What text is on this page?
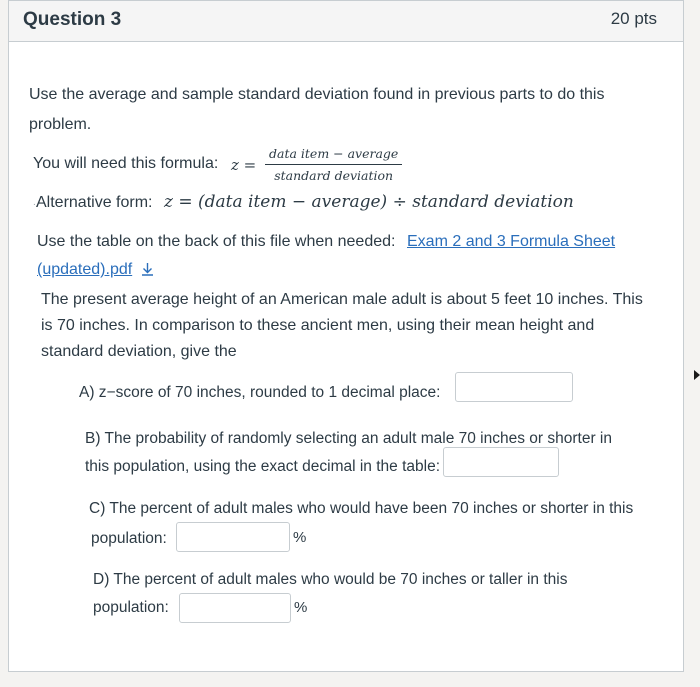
Question 3	20 pts
Use the average and sample standard deviation found in previous parts to do this
problem.
You will need this formula: z =
data item − average
standard deviation
. Alternative form: z = (data item − average) ÷ standard deviation
Use the table on the back of this file when needed: Exam 2 and 3 Formula Sheet
(updated).pdf
The present average height of an American male adult is about 5 feet 10 inches. This
is 70 inches. In comparison to these ancient men, using their mean height and
standard deviation, give the
A) z−score of 70 inches, rounded to 1 decimal place:
B) The probability of randomly selecting an adult male 70 inches or shorter in
this population, using the exact decimal in the table:
C) The percent of adult males who would have been 70 inches or shorter in this
population:	%
D) The percent of adult males who would be 70 inches or taller in this
population:	%
